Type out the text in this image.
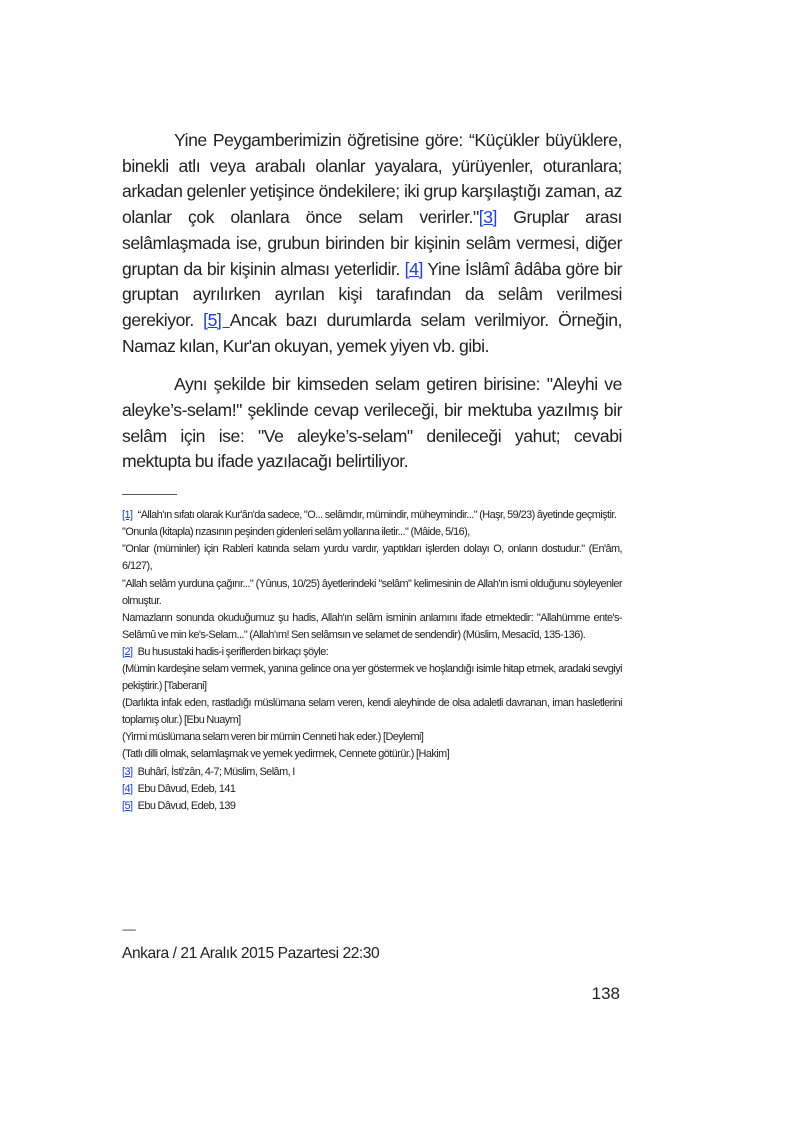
Yine Peygamberimizin öğretisine göre: “Küçükler büyüklere, binekli atlı veya arabalı olanlar yayalara, yürüyenler, oturanlara; arkadan gelenler yetişince öndekilere; iki grup karşılaştığı zaman, az olanlar çok olanlara önce selam verirler."[3] Gruplar arası selâmlaşmada ise, grubun birinden bir kişinin selâm vermesi, diğer gruptan da bir kişinin alması yeterlidir. [4] Yine İslâmî âdâba göre bir gruptan ayrılırken ayrılan kişi tarafından da selâm verilmesi gerekiyor. [5] Ancak bazı durumlarda selam verilmiyor. Örneğin, Namaz kılan, Kur'an okuyan, yemek yiyen vb. gibi.

Aynı şekilde bir kimseden selam getiren birisine: "Aleyhi ve aleyke’s-selam!" şeklinde cevap verileceği, bir mektuba yazılmış bir selâm için ise: "Ve aleyke’s-selam" denileceği yahut; cevabi mektupta bu ifade yazılacağı belirtiliyor.

[1] “Allah'ın sıfatı olarak Kur'ân'da sadece, "O... selâmdır, mümindir, müheymindir..." (Haşr, 59/23) âyetinde geçmiştir.

"Onunla (kitapla) rızasının peşinden gidenleri selâm yollarına iletir..." (Mâide, 5/16),

"Onlar (müminler) için Rableri katında selam yurdu vardır, yaptıkları işlerden dolayı O, onların dostudur." (En'âm, 6/127),

"Allah selâm yurduna çağırır..." (Yûnus, 10/25) âyetlerindeki "selâm" kelimesinin de Allah'ın ismi olduğunu söyleyenler olmuştur.

Namazların sonunda okuduğumuz şu hadis, Allah'ın selâm isminin anlamını ifade etmektedir: "Allahümme ente's-Selâmû ve min ke's-Selam..." (Allah'ım! Sen selâmsın ve selamet de sendendir) (Müslim, Mesacîd, 135-136).

[2] Bu husustaki hadis-i şeriflerden birkaçı şöyle:

(Mümin kardeşine selam vermek, yanına gelince ona yer göstermek ve hoşlandığı isimle hitap etmek, aradaki sevgiyi pekiştirir.) [Taberani]

(Darlıkta infak eden, rastladığı müslümana selam veren, kendi aleyhinde de olsa adaletli davranan, iman hasletlerini toplamış olur.) [Ebu Nuaym]

(Yirmi müslümana selam veren bir mümin Cenneti hak eder.) [Deylemi]

(Tatlı dilli olmak, selamlaşmak ve yemek yedirmek, Cennete götürür.) [Hakim]

[3] Buhârî, İsti'zân, 4-7; Müslim, Selâm, I

[4] Ebu Dâvud, Edeb, 141

[5] Ebu Dâvud, Edeb, 139

-----
Ankara / 21 Aralık 2015 Pazartesi 22:30
138
